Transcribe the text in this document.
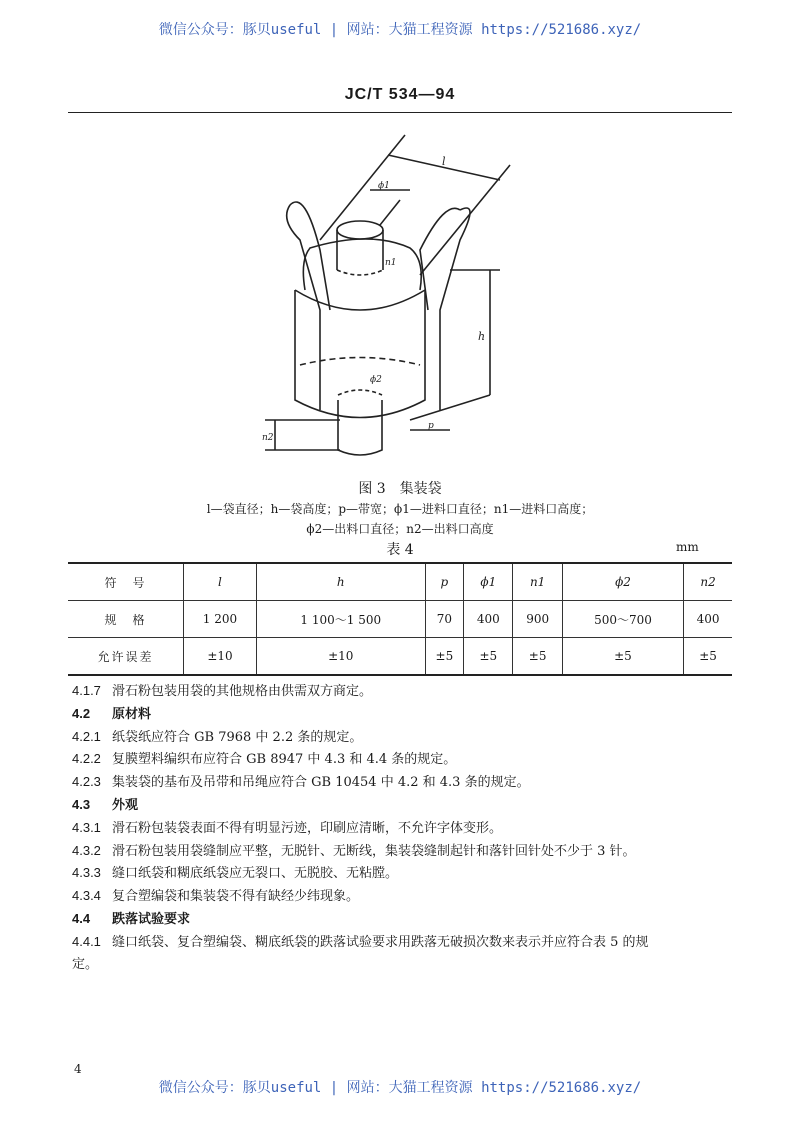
微信公众号：豚贝useful | 网站：大猫工程资源 https://521686.xyz/
JC/T 534—94
l
ϕ1
n1
h
ϕ2
n2
p
图 3　集装袋
l—袋直径；h—袋高度；p—带宽；ϕ1—进料口直径；n1—进料口高度；
ϕ2—出料口直径；n2—出料口高度
表 4	mm
符　号	l	h	p	ϕ1	n1	ϕ2	n2
规　格	1 200	1 100～1 500	70	400	900	500～700	400
允许误差	±10	±10	±5	±5	±5	±5	±5
4.1.7 滑石粉包装用袋的其他规格由供需双方商定。
4.2 原材料
4.2.1 纸袋纸应符合 GB 7968 中 2.2 条的规定。
4.2.2 复膜塑料编织布应符合 GB 8947 中 4.3 和 4.4 条的规定。
4.2.3 集装袋的基布及吊带和吊绳应符合 GB 10454 中 4.2 和 4.3 条的规定。
4.3 外观
4.3.1 滑石粉包装袋表面不得有明显污迹，印刷应清晰，不允许字体变形。
4.3.2 滑石粉包装用袋缝制应平整，无脱针、无断线，集装袋缝制起针和落针回针处不少于 3 针。
4.3.3 缝口纸袋和糊底纸袋应无裂口、无脱胶、无粘膛。
4.3.4 复合塑编袋和集装袋不得有缺经少纬现象。
4.4 跌落试验要求
4.4.1 缝口纸袋、复合塑编袋、糊底纸袋的跌落试验要求用跌落无破损次数来表示并应符合表 5 的规
定。
4
微信公众号：豚贝useful | 网站：大猫工程资源 https://521686.xyz/
